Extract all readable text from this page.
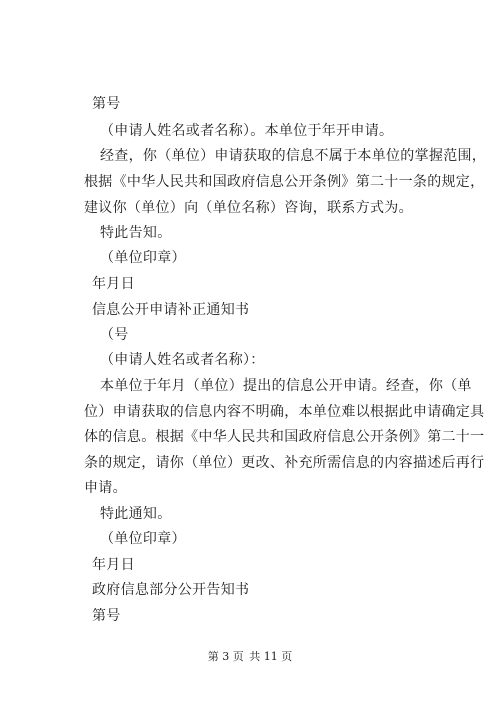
第号
（申请人姓名或者名称）。本单位于年开申请。
经查，你（单位）申请获取的信息不属于本单位的掌握范围，
根据《中华人民共和国政府信息公开条例》第二十一条的规定，
建议你（单位）向（单位名称）咨询，联系方式为。
特此告知。
（单位印章）
年月日
信息公开申请补正通知书
（号
（申请人姓名或者名称）：
本单位于年月（单位）提出的信息公开申请。经查，你（单
位）申请获取的信息内容不明确，本单位难以根据此申请确定具
体的信息。根据《中华人民共和国政府信息公开条例》第二十一
条的规定，请你（单位）更改、补充所需信息的内容描述后再行
申请。
特此通知。
（单位印章）
年月日
政府信息部分公开告知书
第号
第 3 页 共 11 页
